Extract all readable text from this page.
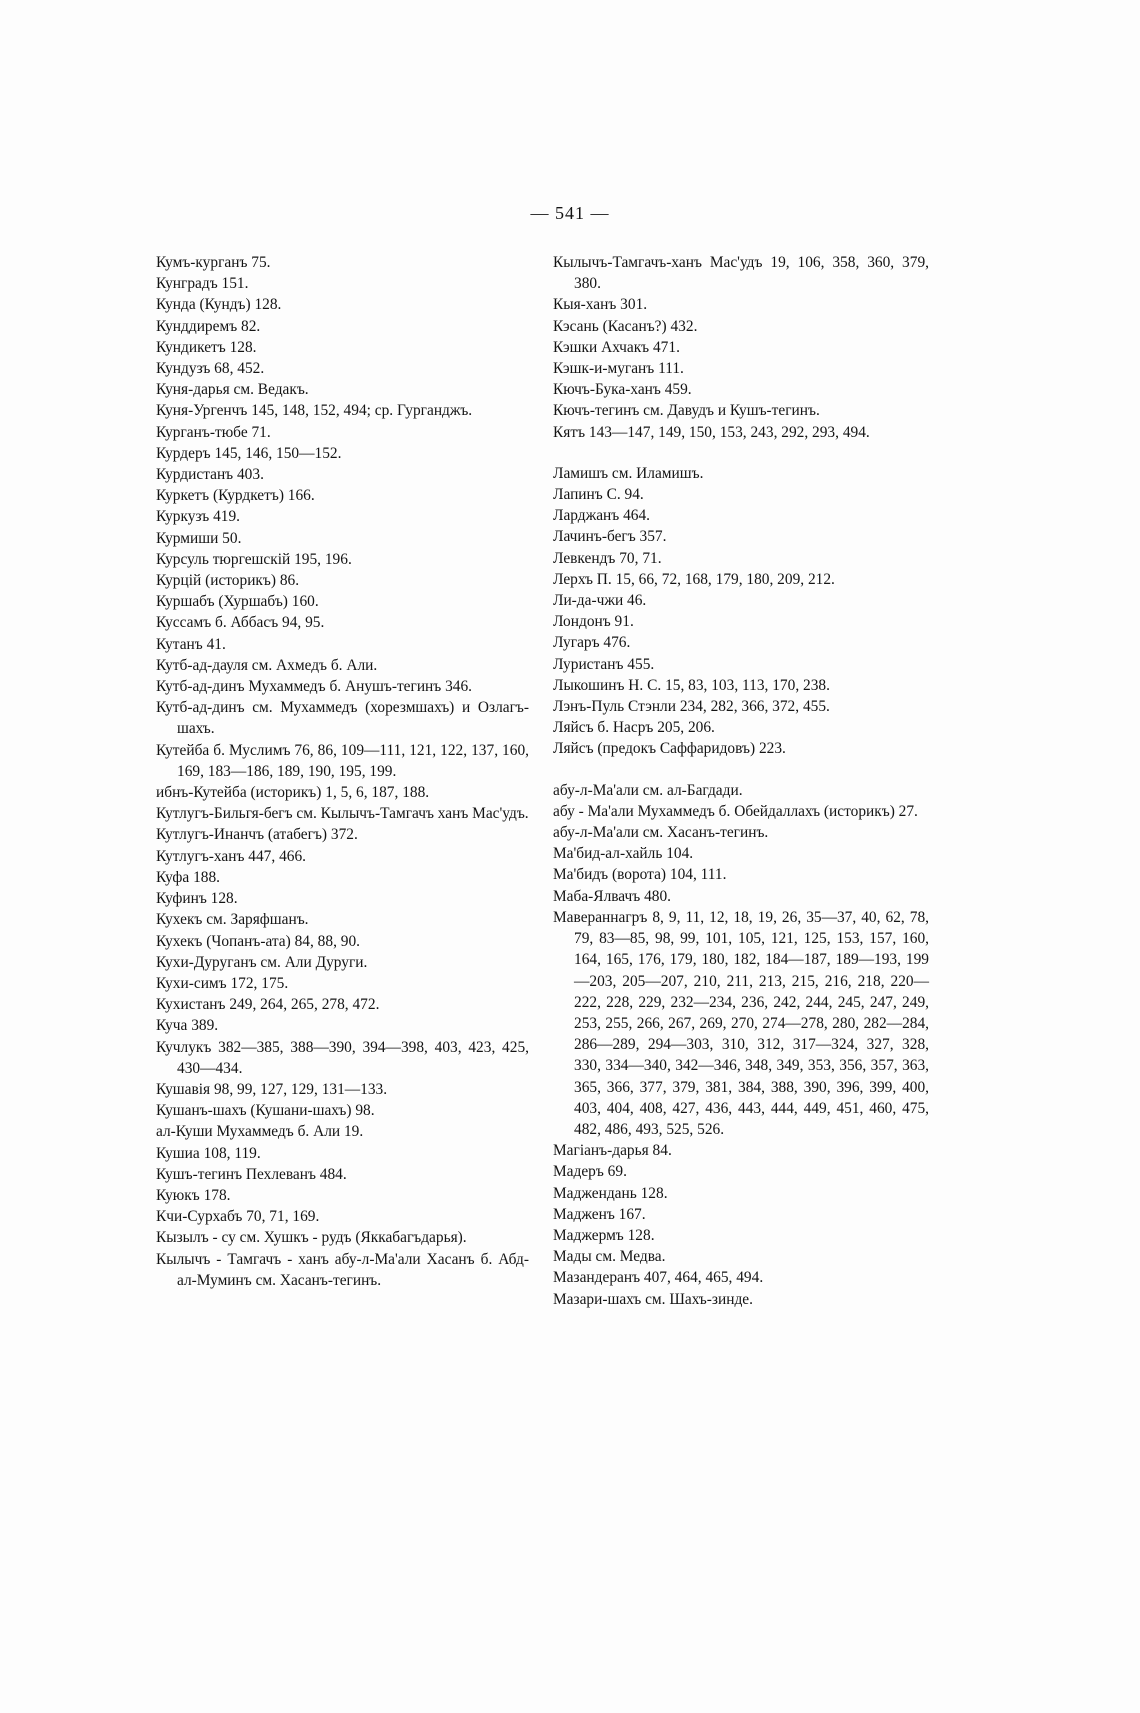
— 541 —
Кумъ-курганъ 75.
Кунградъ 151.
Кунда (Кундъ) 128.
Кунддиремъ 82.
Кундикетъ 128.
Кундузъ 68, 452.
Куня-дарья см. Ведакъ.
Куня-Ургенчъ 145, 148, 152, 494; ср. Гурганджъ.
Курганъ-тюбе 71.
Курдеръ 145, 146, 150—152.
Курдистанъ 403.
Куркетъ (Курдкетъ) 166.
Куркузъ 419.
Курмиши 50.
Курсуль тюргешскій 195, 196.
Курцій (историкъ) 86.
Куршабъ (Хуршабъ) 160.
Куссамъ б. Аббасъ 94, 95.
Кутанъ 41.
Кутб-ад-дауля см. Ахмедъ б. Али.
Кутб-ад-динъ Мухаммедъ б. Анушъ-тегинъ 346.
Кутб-ад-динъ см. Мухаммедъ (хорезмшахъ) и Озлагъ-шахъ.
Кутейба б. Муслимъ 76, 86, 109—111, 121, 122, 137, 160, 169, 183—186, 189, 190, 195, 199.
ибнъ-Кутейба (историкъ) 1, 5, 6, 187, 188.
Кутлугъ-Бильгя-бегъ см. Кылычъ-Тамгачъ ханъ Мас'удъ.
Кутлугъ-Инанчъ (атабегъ) 372.
Кутлугъ-ханъ 447, 466.
Куфа 188.
Куфинъ 128.
Кухекъ см. Заряфшанъ.
Кухекъ (Чопанъ-ата) 84, 88, 90.
Кухи-Дуруганъ см. Али Дуруги.
Кухи-симъ 172, 175.
Кухистанъ 249, 264, 265, 278, 472.
Куча 389.
Кучлукъ 382—385, 388—390, 394—398, 403, 423, 425, 430—434.
Кушавія 98, 99, 127, 129, 131—133.
Кушанъ-шахъ (Кушани-шахъ) 98.
ал-Куши Мухаммедъ б. Али 19.
Кушиа 108, 119.
Кушъ-тегинъ Пехлеванъ 484.
Куюкъ 178.
Кчи-Сурхабъ 70, 71, 169.
Кызылъ - су см. Хушкъ - рудъ (Яккабагъдарья).
Кылычъ - Тамгачъ - ханъ абу-л-Ма'али Хасанъ б. Абд-ал-Муминъ см. Хасанъ-тегинъ.
Кылычъ-Тамгачъ-ханъ Мас'удъ 19, 106, 358, 360, 379, 380.
Кыя-ханъ 301.
Кэсань (Касанъ?) 432.
Кэшки Ахчакъ 471.
Кэшк-и-муганъ 111.
Кючъ-Бука-ханъ 459.
Кючъ-тегинъ см. Давудъ и Кушъ-тегинъ.
Кятъ 143—147, 149, 150, 153, 243, 292, 293, 494.
Ламишъ см. Иламишъ.
Лапинъ С. 94.
Ларджанъ 464.
Лачинъ-бегъ 357.
Левкендъ 70, 71.
Лерхъ П. 15, 66, 72, 168, 179, 180, 209, 212.
Ли-да-чжи 46.
Лондонъ 91.
Лугаръ 476.
Луристанъ 455.
Лыкошинъ Н. С. 15, 83, 103, 113, 170, 238.
Лэнъ-Пуль Стэнли 234, 282, 366, 372, 455.
Ляйсъ б. Насръ 205, 206.
Ляйсъ (предокъ Саффаридовъ) 223.
абу-л-Ма'али см. ал-Багдади.
абу - Ма'али Мухаммедъ б. Обейдаллахъ (историкъ) 27.
абу-л-Ма'али см. Хасанъ-тегинъ.
Ма'бид-ал-хайль 104.
Ма'бидъ (ворота) 104, 111.
Маба-Ялвачъ 480.
Мавераннагръ 8, 9, 11, 12, 18, 19, 26, 35—37, 40, 62, 78, 79, 83—85, 98, 99, 101, 105, 121, 125, 153, 157, 160, 164, 165, 176, 179, 180, 182, 184—187, 189—193, 199—203, 205—207, 210, 211, 213, 215, 216, 218, 220—222, 228, 229, 232—234, 236, 242, 244, 245, 247, 249, 253, 255, 266, 267, 269, 270, 274—278, 280, 282—284, 286—289, 294—303, 310, 312, 317—324, 327, 328, 330, 334—340, 342—346, 348, 349, 353, 356, 357, 363, 365, 366, 377, 379, 381, 384, 388, 390, 396, 399, 400, 403, 404, 408, 427, 436, 443, 444, 449, 451, 460, 475, 482, 486, 493, 525, 526.
Магіанъ-дарья 84.
Мадеръ 69.
Маджендань 128.
Мадженъ 167.
Маджермъ 128.
Мады см. Медва.
Мазандеранъ 407, 464, 465, 494.
Мазари-шахъ см. Шахъ-зинде.
